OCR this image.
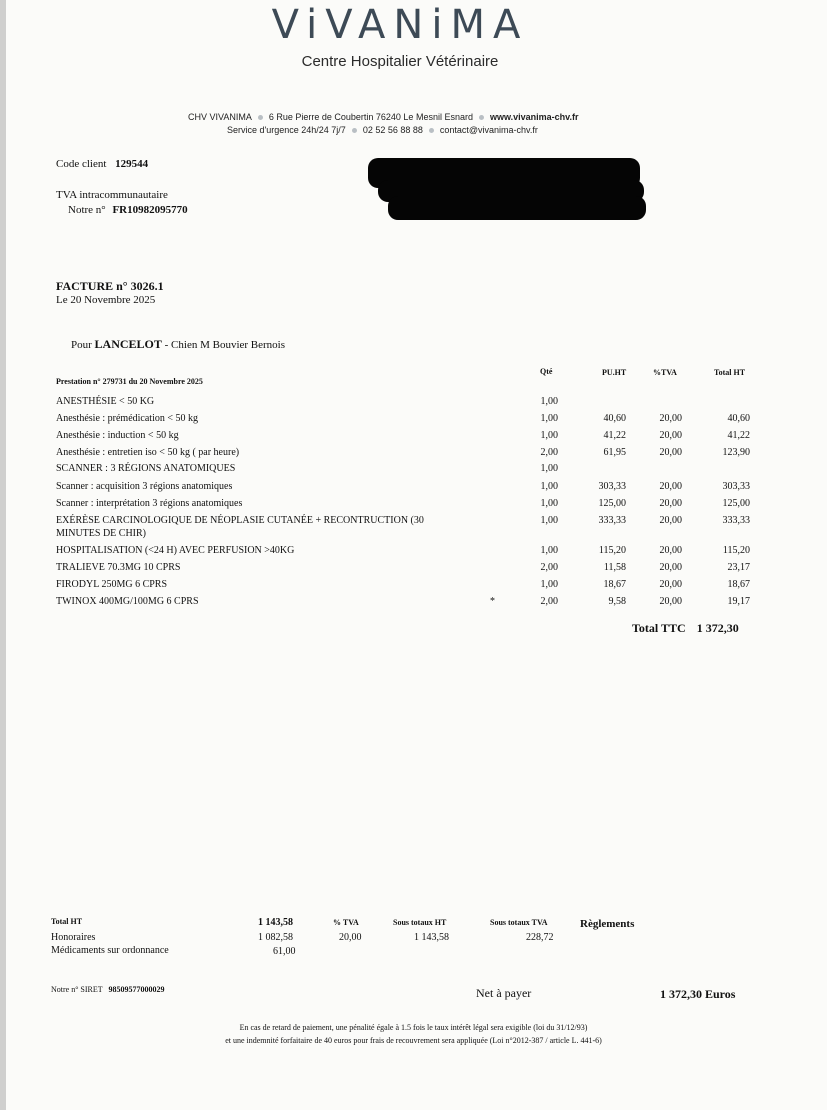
ViVANiMA
Centre Hospitalier Vétérinaire
CHV VIVANIMA 6 Rue Pierre de Coubertin 76240 Le Mesnil Esnard www.vivanima-chv.fr
Service d'urgence 24h/24 7j/7 02 52 56 88 88 contact@vivanima-chv.fr
Code client 129544
TVA intracommunautaire
Notre n° FR10982095770
FACTURE n° 3026.1
Le 20 Novembre 2025
Pour LANCELOT - Chien M Bouvier Bernois
Qté	PU.HT	%TVA	Total HT
Prestation n° 279731 du 20 Novembre 2025
ANESTHÉSIE < 50 KG	1,00
Anesthésie : prémédication < 50 kg	1,00	40,60	20,00	40,60
Anesthésie : induction < 50 kg	1,00	41,22	20,00	41,22
Anesthésie : entretien iso < 50 kg ( par heure)	2,00	61,95	20,00	123,90
SCANNER : 3 RÉGIONS ANATOMIQUES	1,00
Scanner : acquisition 3 régions anatomiques	1,00	303,33	20,00	303,33
Scanner : interprétation 3 régions anatomiques	1,00	125,00	20,00	125,00
EXÉRÈSE CARCINOLOGIQUE DE NÉOPLASIE CUTANÉE + RECONTRUCTION (30
MINUTES DE CHIR)
1,00	333,33	20,00	333,33
HOSPITALISATION (<24 H) AVEC PERFUSION >40KG	1,00	115,20	20,00	115,20
TRALIEVE 70.3MG 10 CPRS	2,00	11,58	20,00	23,17
FIRODYL 250MG 6 CPRS	1,00	18,67	20,00	18,67
TWINOX 400MG/100MG 6 CPRS	*	2,00	9,58	20,00	19,17
Total TTC 1 372,30
Total HT	1 143,58	% TVA	Sous totaux HT	Sous totaux TVA	Règlements
Honoraires	1 082,58	20,00	1 143,58	228,72
Médicaments sur ordonnance	61,00
Notre n° SIRET 98509577000029	Net à payer	1 372,30 Euros
En cas de retard de paiement, une pénalité égale à 1.5 fois le taux intérêt légal sera exigible (loi du 31/12/93)
et une indemnité forfaitaire de 40 euros pour frais de recouvrement sera appliquée (Loi n°2012-387 / article L. 441-6)
